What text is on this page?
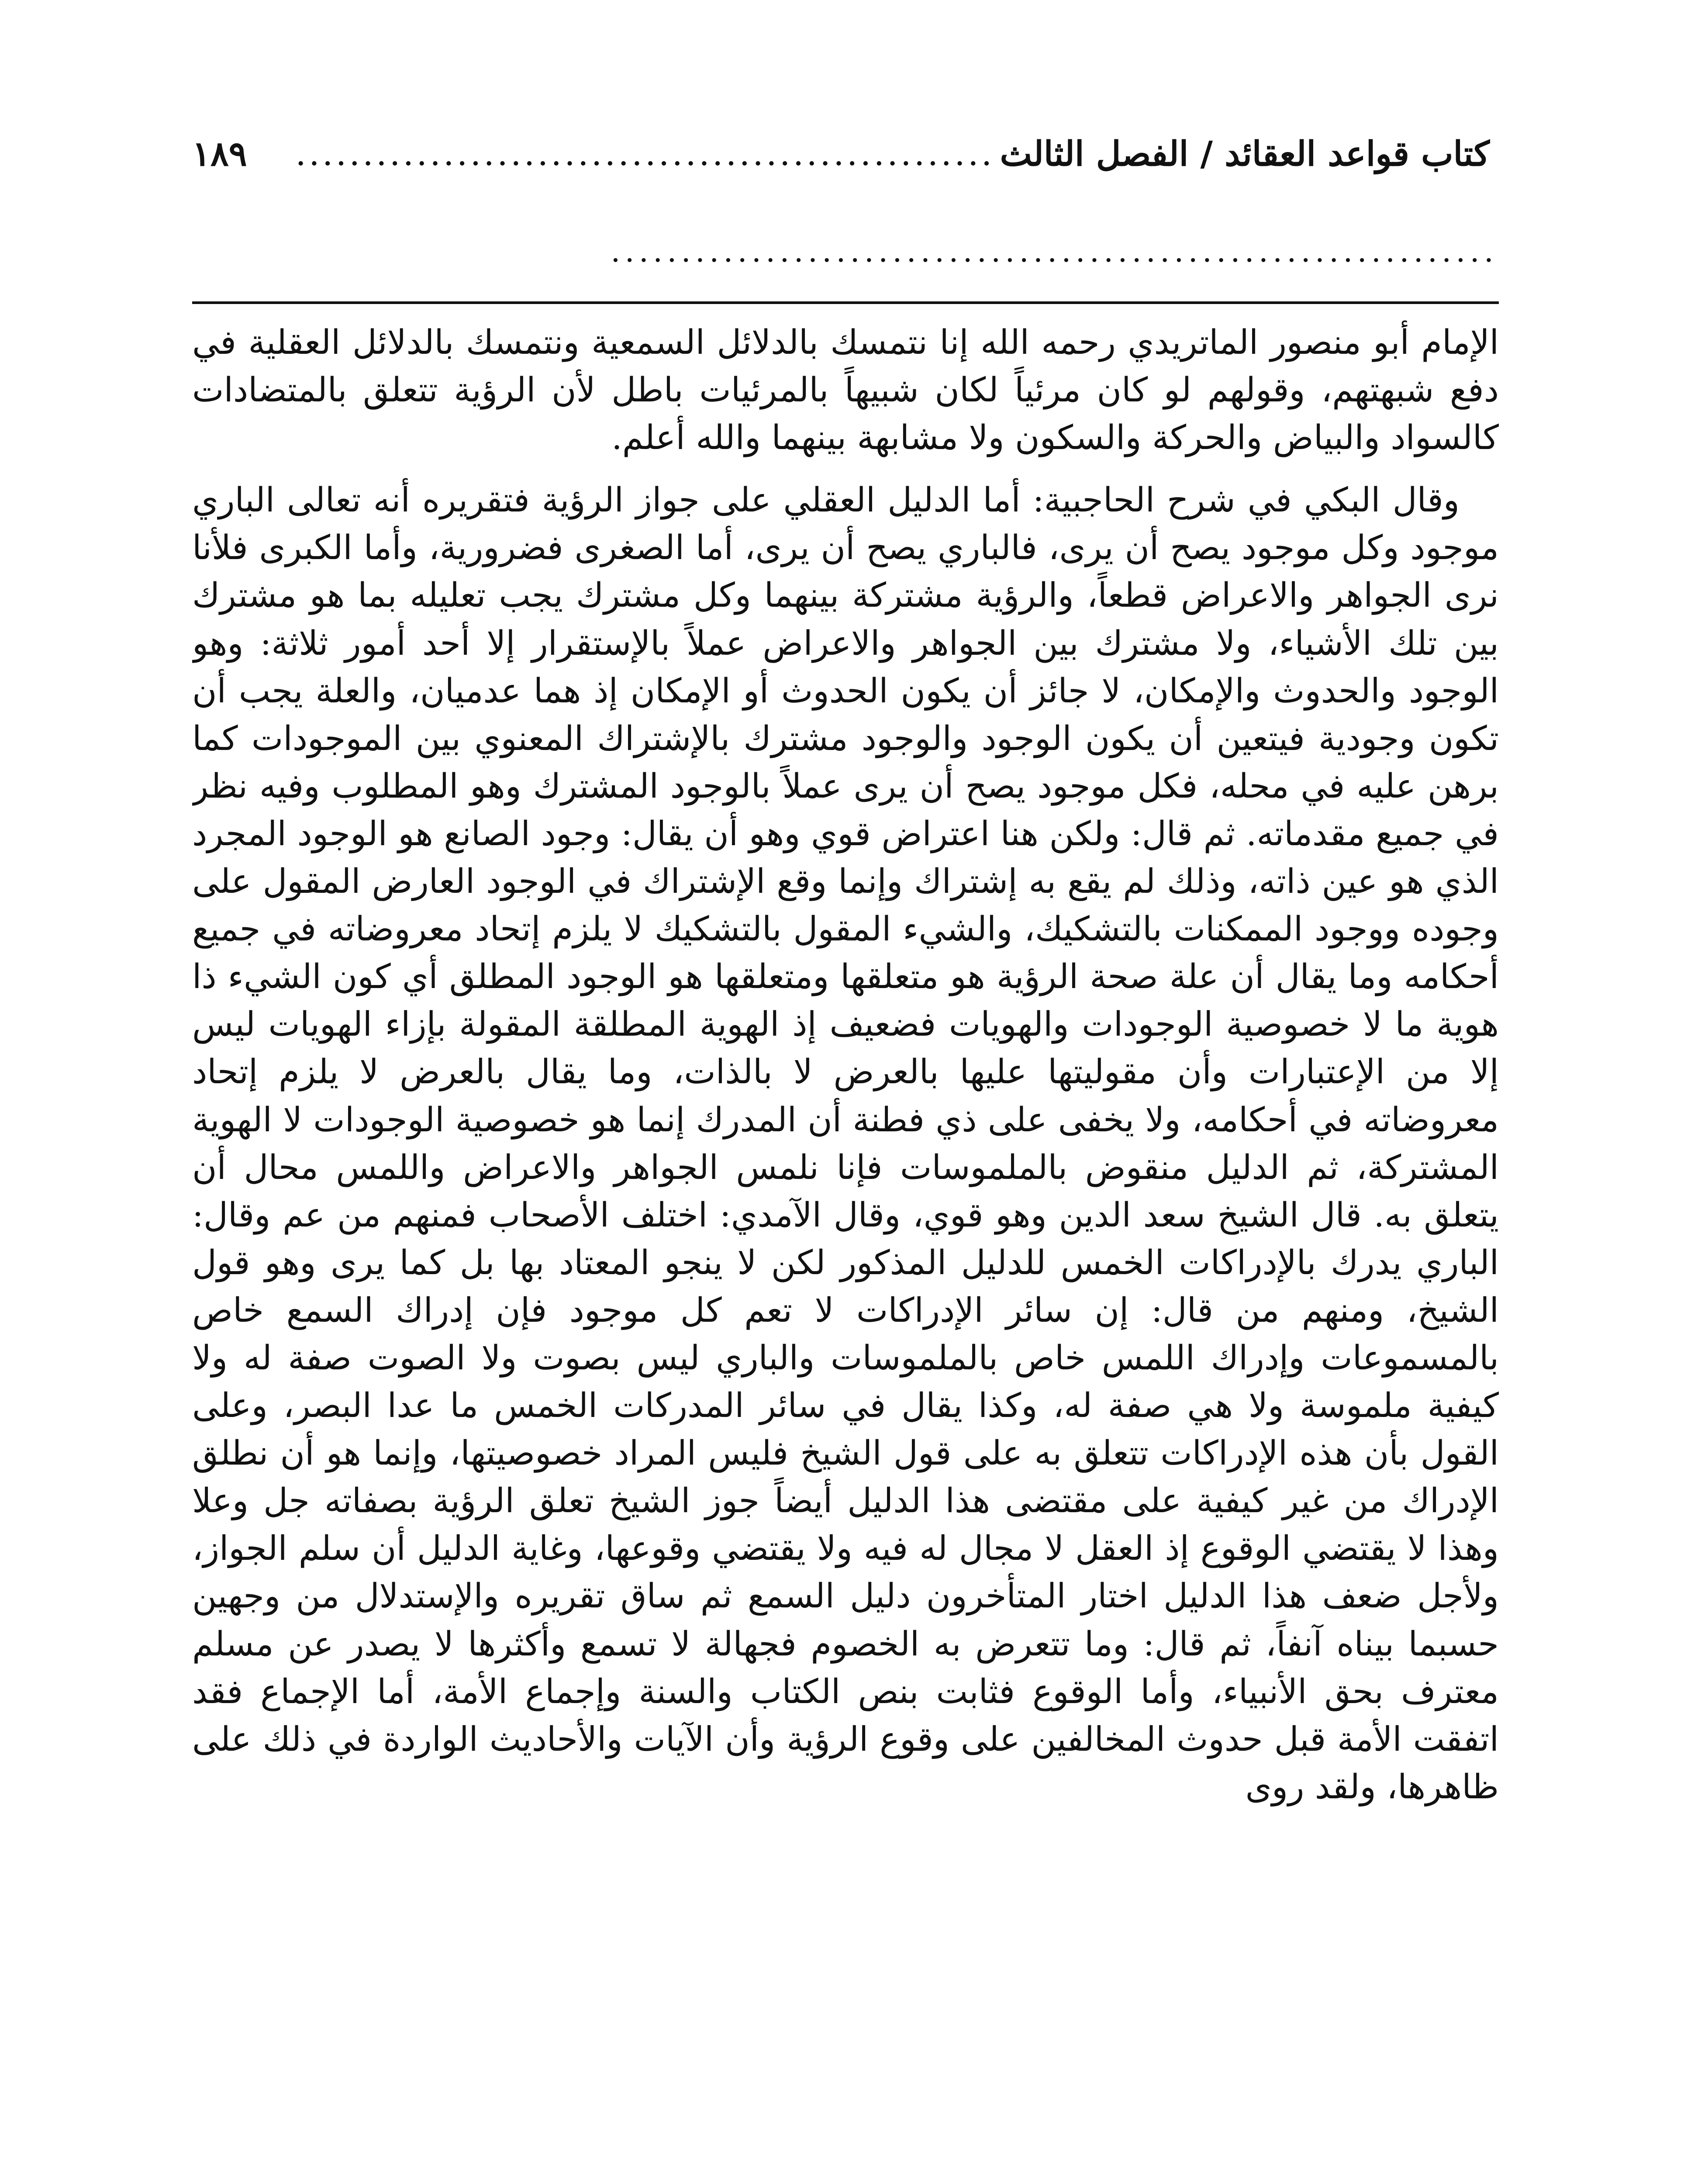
كتاب قواعد العقائد / الفصل الثالث
....................................................
١٨٩
...............................................................

الإمام أبو منصور الماتريدي رحمه الله إنا نتمسك بالدلائل السمعية ونتمسك بالدلائل العقلية في دفع شبهتهم، وقولهم لو كان مرئياً لكان شبيهاً بالمرئيات باطل لأن الرؤية تتعلق بالمتضادات كالسواد والبياض والحركة والسكون ولا مشابهة بينهما والله أعلم.

وقال البكي في شرح الحاجبية: أما الدليل العقلي على جواز الرؤية فتقريره أنه تعالى الباري موجود وكل موجود يصح أن يرى، فالباري يصح أن يرى، أما الصغرى فضرورية، وأما الكبرى فلأنا نرى الجواهر والاعراض قطعاً، والرؤية مشتركة بينهما وكل مشترك يجب تعليله بما هو مشترك بين تلك الأشياء، ولا مشترك بين الجواهر والاعراض عملاً بالإستقرار إلا أحد أمور ثلاثة: وهو الوجود والحدوث والإمكان، لا جائز أن يكون الحدوث أو الإمكان إذ هما عدميان، والعلة يجب أن تكون وجودية فيتعين أن يكون الوجود والوجود مشترك بالإشتراك المعنوي بين الموجودات كما برهن عليه في محله، فكل موجود يصح أن يرى عملاً بالوجود المشترك وهو المطلوب وفيه نظر في جميع مقدماته. ثم قال: ولكن هنا اعتراض قوي وهو أن يقال: وجود الصانع هو الوجود المجرد الذي هو عين ذاته، وذلك لم يقع به إشتراك وإنما وقع الإشتراك في الوجود العارض المقول على وجوده ووجود الممكنات بالتشكيك، والشيء المقول بالتشكيك لا يلزم إتحاد معروضاته في جميع أحكامه وما يقال أن علة صحة الرؤية هو متعلقها ومتعلقها هو الوجود المطلق أي كون الشيء ذا هوية ما لا خصوصية الوجودات والهويات فضعيف إذ الهوية المطلقة المقولة بإزاء الهويات ليس إلا من الإعتبارات وأن مقوليتها عليها بالعرض لا بالذات، وما يقال بالعرض لا يلزم إتحاد معروضاته في أحكامه، ولا يخفى على ذي فطنة أن المدرك إنما هو خصوصية الوجودات لا الهوية المشتركة، ثم الدليل منقوض بالملموسات فإنا نلمس الجواهر والاعراض واللمس محال أن يتعلق به. قال الشيخ سعد الدين وهو قوي، وقال الآمدي: اختلف الأصحاب فمنهم من عم وقال: الباري يدرك بالإدراكات الخمس للدليل المذكور لكن لا ينجو المعتاد بها بل كما يرى وهو قول الشيخ، ومنهم من قال: إن سائر الإدراكات لا تعم كل موجود فإن إدراك السمع خاص بالمسموعات وإدراك اللمس خاص بالملموسات والباري ليس بصوت ولا الصوت صفة له ولا كيفية ملموسة ولا هي صفة له، وكذا يقال في سائر المدركات الخمس ما عدا البصر، وعلى القول بأن هذه الإدراكات تتعلق به على قول الشيخ فليس المراد خصوصيتها، وإنما هو أن نطلق الإدراك من غير كيفية على مقتضى هذا الدليل أيضاً جوز الشيخ تعلق الرؤية بصفاته جل وعلا وهذا لا يقتضي الوقوع إذ العقل لا مجال له فيه ولا يقتضي وقوعها، وغاية الدليل أن سلم الجواز، ولأجل ضعف هذا الدليل اختار المتأخرون دليل السمع ثم ساق تقريره والإستدلال من وجهين حسبما بيناه آنفاً، ثم قال: وما تتعرض به الخصوم فجهالة لا تسمع وأكثرها لا يصدر عن مسلم معترف بحق الأنبياء، وأما الوقوع فثابت بنص الكتاب والسنة وإجماع الأمة، أما الإجماع فقد اتفقت الأمة قبل حدوث المخالفين على وقوع الرؤية وأن الآيات والأحاديث الواردة في ذلك على ظاهرها، ولقد روى
